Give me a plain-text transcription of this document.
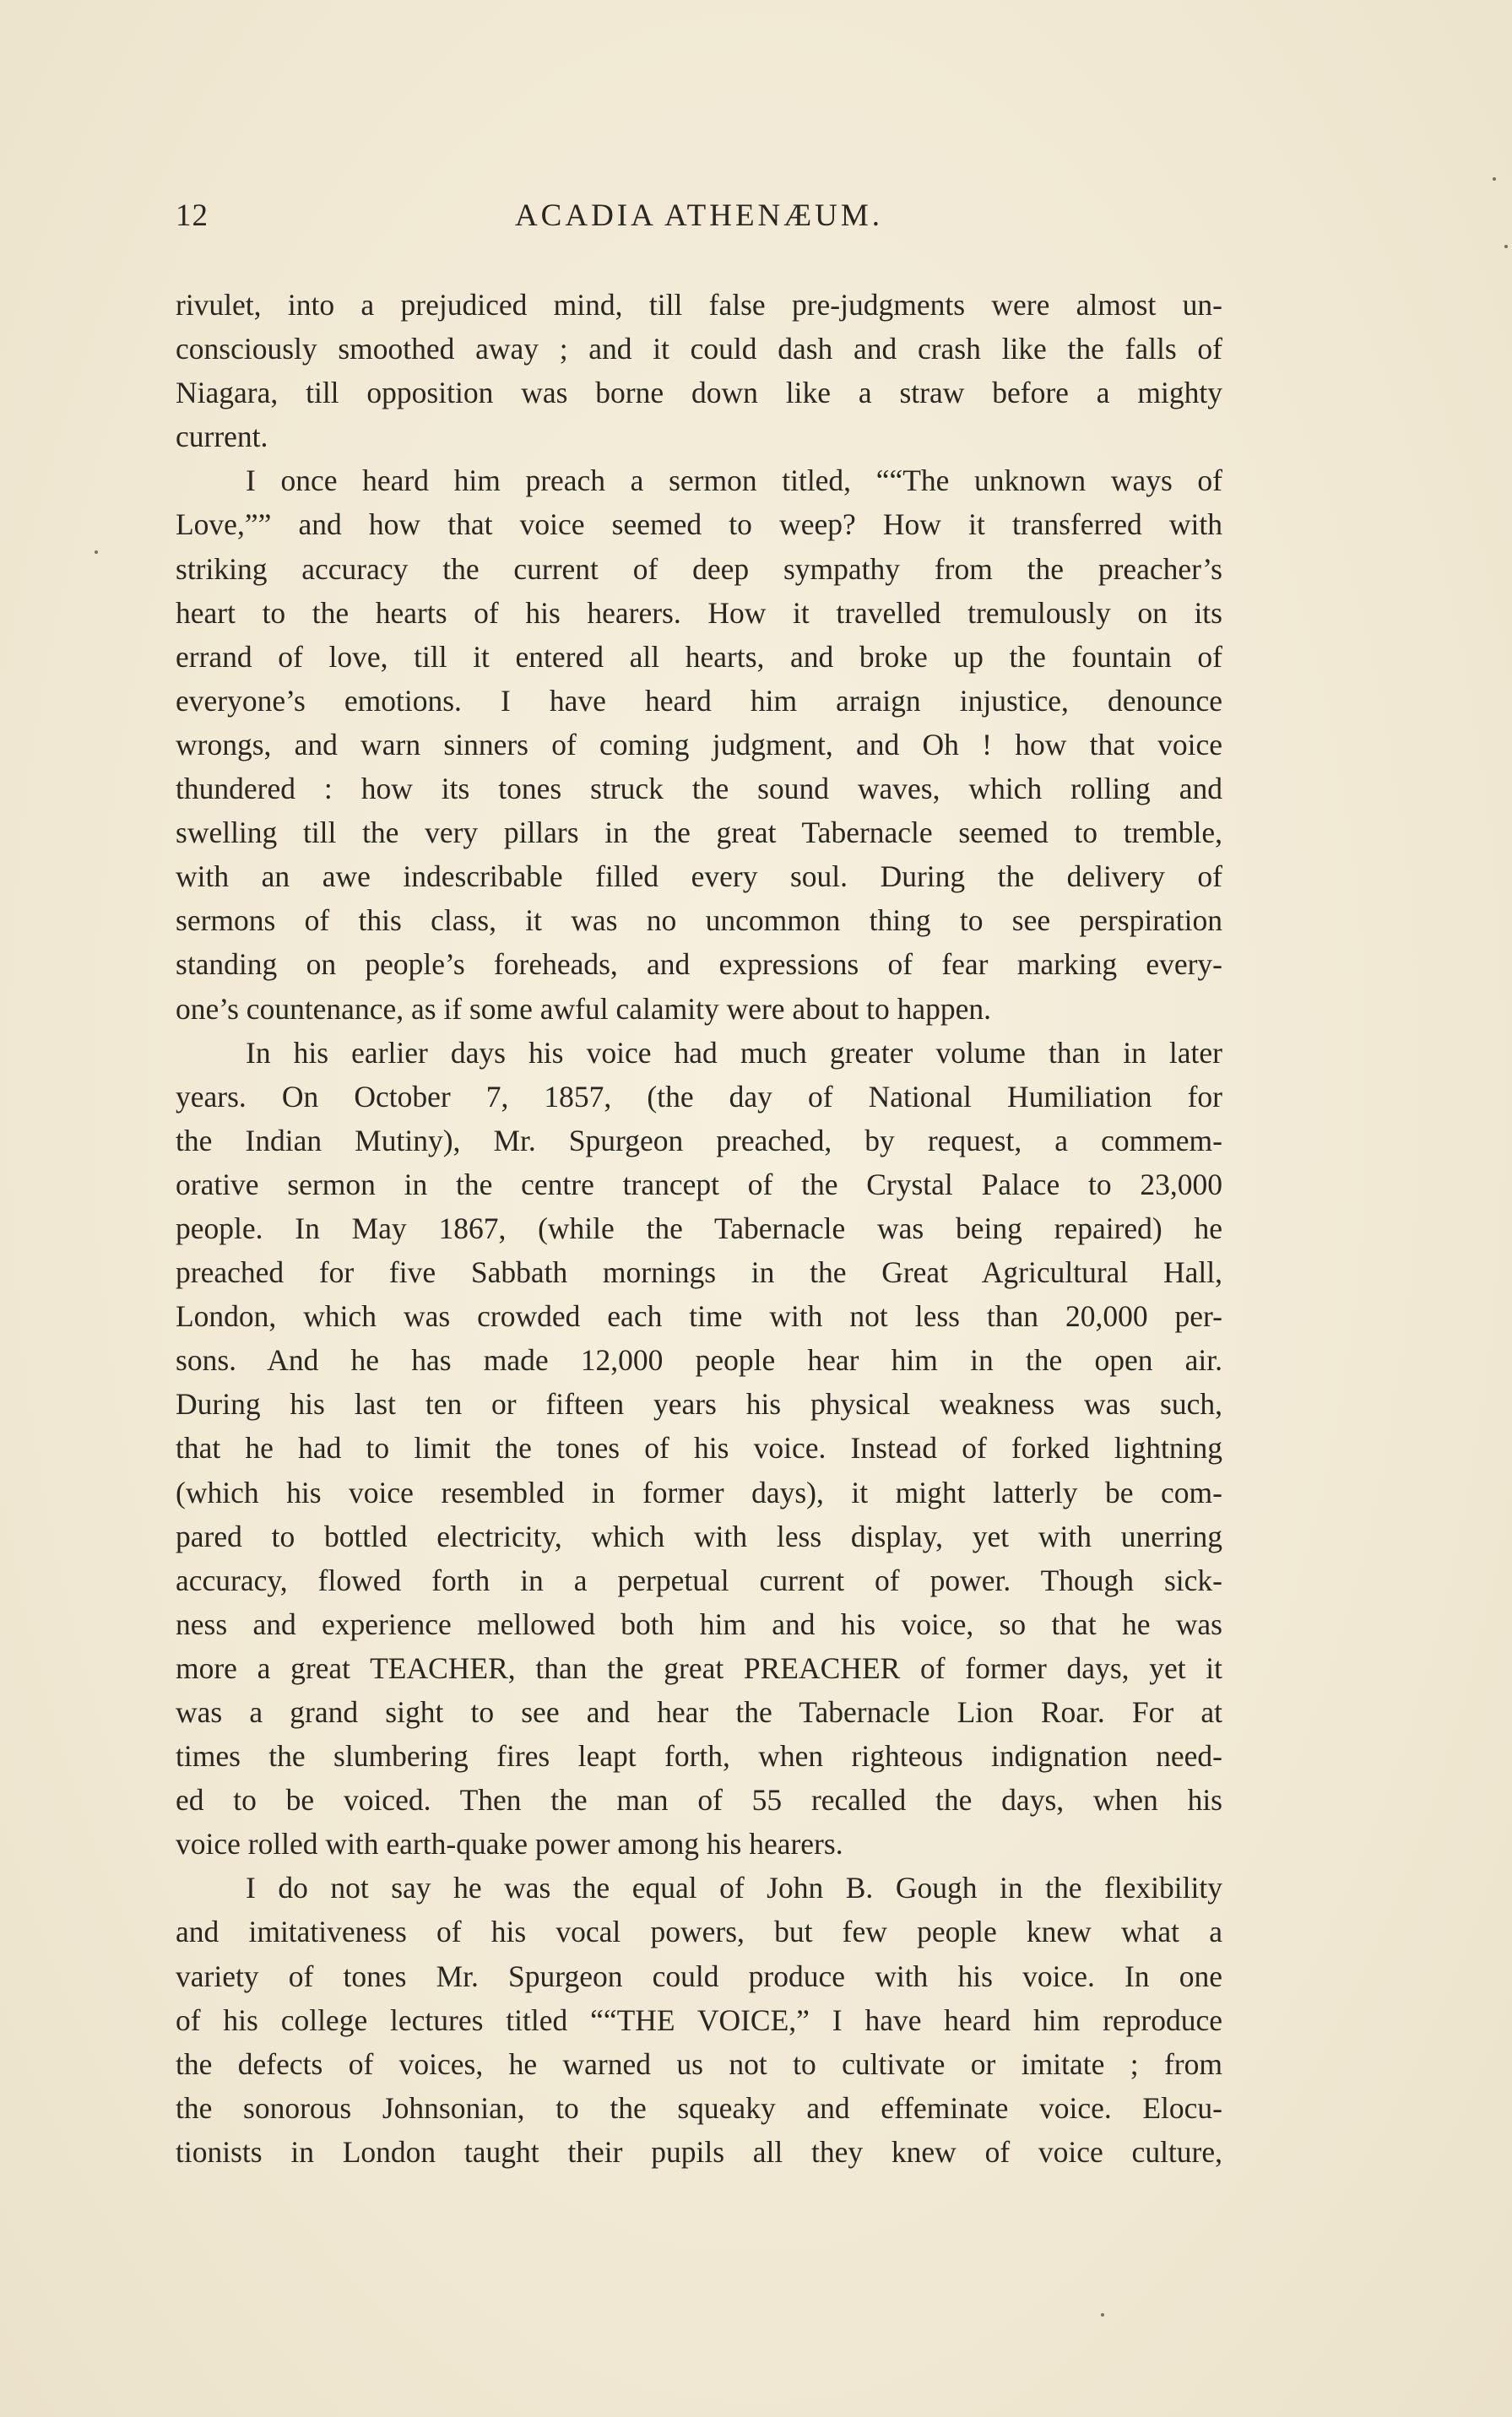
12	ACADIA ATHENÆUM.
rivulet, into a prejudiced mind, till false pre-judgments were almost un-
consciously smoothed away ; and it could dash and crash like the falls of
Niagara, till opposition was borne down like a straw before a mighty
current.
I once heard him preach a sermon titled, ““The unknown ways of
Love,”” and how that voice seemed to weep? How it transferred with
striking accuracy the current of deep sympathy from the preacher’s
heart to the hearts of his hearers. How it travelled tremulously on its
errand of love, till it entered all hearts, and broke up the fountain of
everyone’s emotions. I have heard him arraign injustice, denounce
wrongs, and warn sinners of coming judgment, and Oh ! how that voice
thundered : how its tones struck the sound waves, which rolling and
swelling till the very pillars in the great Tabernacle seemed to tremble,
with an awe indescribable filled every soul. During the delivery of
sermons of this class, it was no uncommon thing to see perspiration
standing on people’s foreheads, and expressions of fear marking every-
one’s countenance, as if some awful calamity were about to happen.
In his earlier days his voice had much greater volume than in later
years. On October 7, 1857, (the day of National Humiliation for
the Indian Mutiny), Mr. Spurgeon preached, by request, a commem-
orative sermon in the centre trancept of the Crystal Palace to 23,000
people. In May 1867, (while the Tabernacle was being repaired) he
preached for five Sabbath mornings in the Great Agricultural Hall,
London, which was crowded each time with not less than 20,000 per-
sons. And he has made 12,000 people hear him in the open air.
During his last ten or fifteen years his physical weakness was such,
that he had to limit the tones of his voice. Instead of forked lightning
(which his voice resembled in former days), it might latterly be com-
pared to bottled electricity, which with less display, yet with unerring
accuracy, flowed forth in a perpetual current of power. Though sick-
ness and experience mellowed both him and his voice, so that he was
more a great TEACHER, than the great PREACHER of former days, yet it
was a grand sight to see and hear the Tabernacle Lion Roar. For at
times the slumbering fires leapt forth, when righteous indignation need-
ed to be voiced. Then the man of 55 recalled the days, when his
voice rolled with earth-quake power among his hearers.
I do not say he was the equal of John B. Gough in the flexibility
and imitativeness of his vocal powers, but few people knew what a
variety of tones Mr. Spurgeon could produce with his voice. In one
of his college lectures titled ““THE VOICE,” I have heard him reproduce
the defects of voices, he warned us not to cultivate or imitate ; from
the sonorous Johnsonian, to the squeaky and effeminate voice. Elocu-
tionists in London taught their pupils all they knew of voice culture,
